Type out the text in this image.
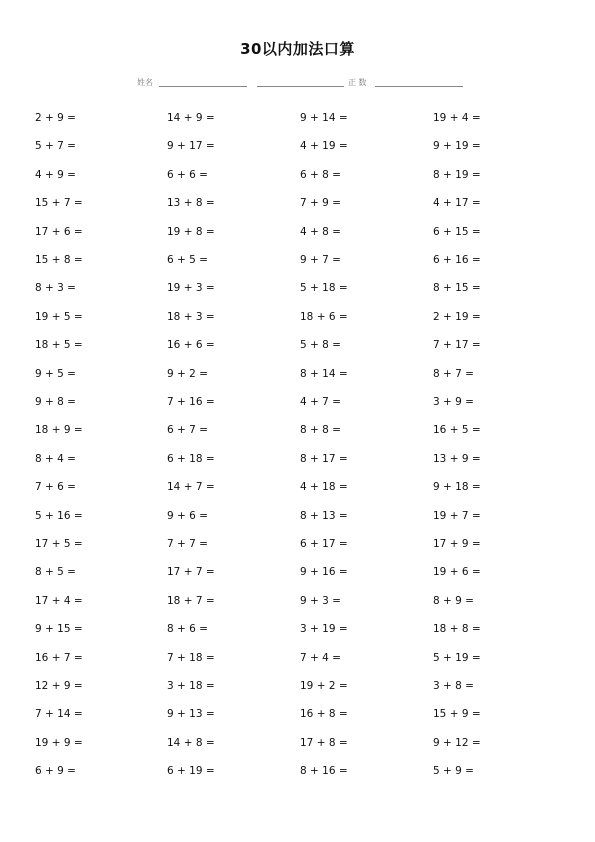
30以内加法口算
姓名	正 数
2 + 9 =
5 + 7 =
4 + 9 =
15 + 7 =
17 + 6 =
15 + 8 =
8 + 3 =
19 + 5 =
18 + 5 =
9 + 5 =
9 + 8 =
18 + 9 =
8 + 4 =
7 + 6 =
5 + 16 =
17 + 5 =
8 + 5 =
17 + 4 =
9 + 15 =
16 + 7 =
12 + 9 =
7 + 14 =
19 + 9 =
6 + 9 =
14 + 9 =
9 + 17 =
6 + 6 =
13 + 8 =
19 + 8 =
6 + 5 =
19 + 3 =
18 + 3 =
16 + 6 =
9 + 2 =
7 + 16 =
6 + 7 =
6 + 18 =
14 + 7 =
9 + 6 =
7 + 7 =
17 + 7 =
18 + 7 =
8 + 6 =
7 + 18 =
3 + 18 =
9 + 13 =
14 + 8 =
6 + 19 =
9 + 14 =
4 + 19 =
6 + 8 =
7 + 9 =
4 + 8 =
9 + 7 =
5 + 18 =
18 + 6 =
5 + 8 =
8 + 14 =
4 + 7 =
8 + 8 =
8 + 17 =
4 + 18 =
8 + 13 =
6 + 17 =
9 + 16 =
9 + 3 =
3 + 19 =
7 + 4 =
19 + 2 =
16 + 8 =
17 + 8 =
8 + 16 =
19 + 4 =
9 + 19 =
8 + 19 =
4 + 17 =
6 + 15 =
6 + 16 =
8 + 15 =
2 + 19 =
7 + 17 =
8 + 7 =
3 + 9 =
16 + 5 =
13 + 9 =
9 + 18 =
19 + 7 =
17 + 9 =
19 + 6 =
8 + 9 =
18 + 8 =
5 + 19 =
3 + 8 =
15 + 9 =
9 + 12 =
5 + 9 =
